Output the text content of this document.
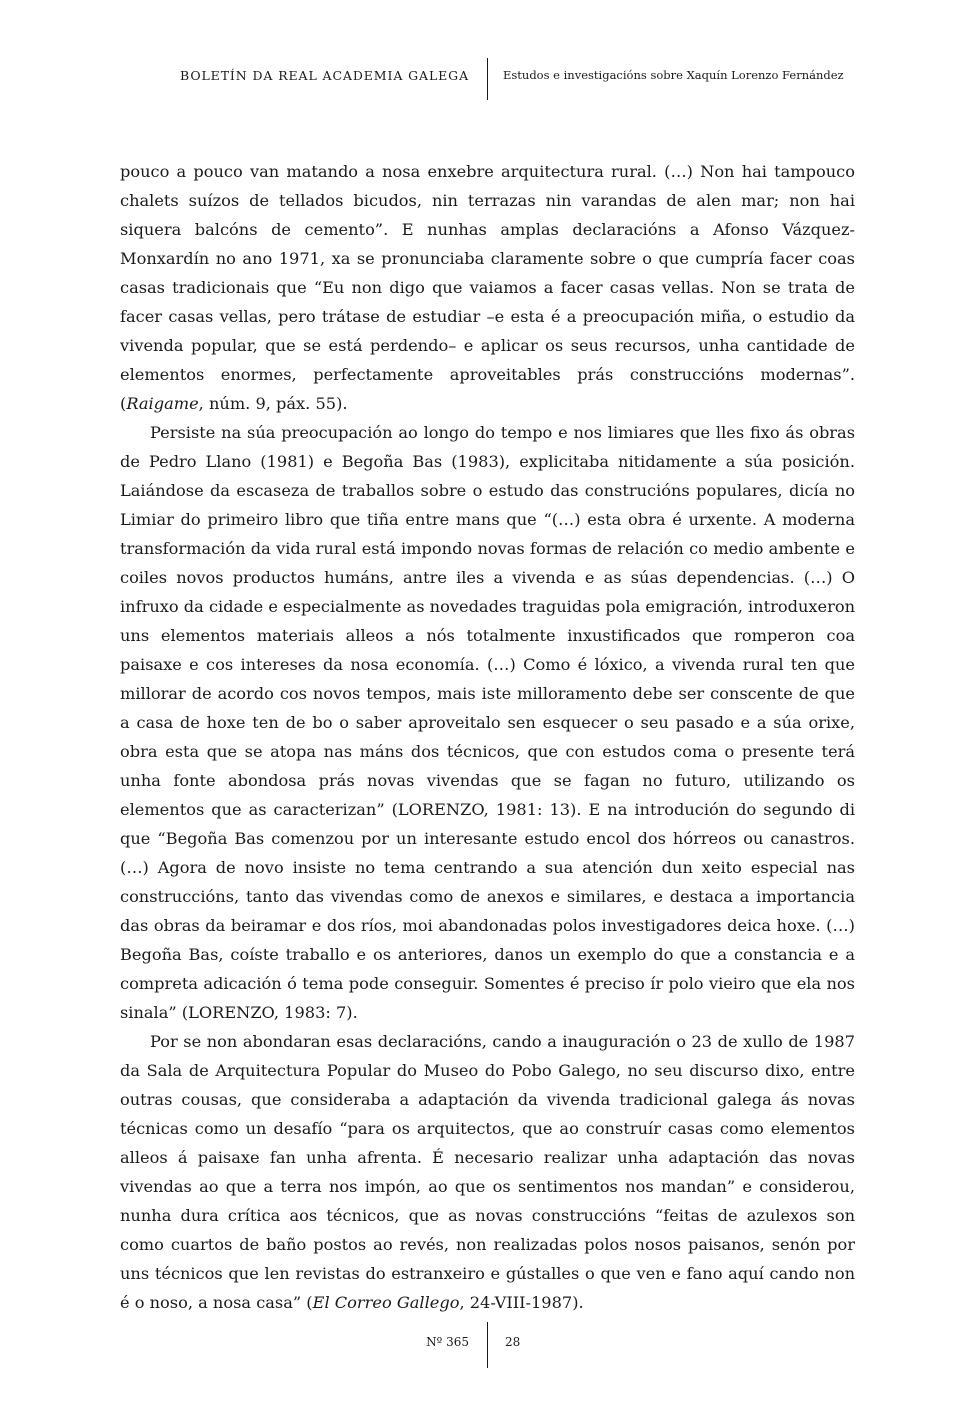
BOLETÍN DA REAL ACADEMIA GALEGA	Estudos e investigacións sobre Xaquín Lorenzo Fernández

pouco a pouco van matando a nosa enxebre arquitectura rural. (…) Non hai tampouco chalets suízos de tellados bicudos, nin terrazas nin varandas de alen mar; non hai siquera balcóns de cemento”. E nunhas amplas declaracións a Afonso Vázquez-Monxardín no ano 1971, xa se pronunciaba claramente sobre o que cumpría facer coas casas tradicionais que “Eu non digo que vaiamos a facer casas vellas. Non se trata de facer casas vellas, pero trátase de estudiar –e esta é a preocupación miña, o estudio da vivenda popular, que se está perdendo– e aplicar os seus recursos, unha cantidade de elementos enormes, perfectamente aproveitables prás construccións modernas”. (Raigame, núm. 9, páx. 55).

Persiste na súa preocupación ao longo do tempo e nos limiares que lles fixo ás obras de Pedro Llano (1981) e Begoña Bas (1983), explicitaba nitidamente a súa posición. Laiándose da escaseza de traballos sobre o estudo das construcións populares, dicía no Limiar do primeiro libro que tiña entre mans que “(…) esta obra é urxente. A moderna transformación da vida rural está impondo novas formas de relación co medio ambente e coiles novos productos humáns, antre iles a vivenda e as súas dependencias. (…) O infruxo da cidade e especialmente as novedades traguidas pola emigración, introduxeron uns elementos materiais alleos a nós totalmente inxustificados que romperon coa paisaxe e cos intereses da nosa economía. (…) Como é lóxico, a vivenda rural ten que millorar de acordo cos novos tempos, mais iste milloramento debe ser conscente de que a casa de hoxe ten de bo o saber aproveitalo sen esquecer o seu pasado e a súa orixe, obra esta que se atopa nas máns dos técnicos, que con estudos coma o presente terá unha fonte abondosa prás novas vivendas que se fagan no futuro, utilizando os elementos que as caracterizan” (LORENZO, 1981: 13). E na introdución do segundo di que “Begoña Bas comenzou por un interesante estudo encol dos hórreos ou canastros. (…) Agora de novo insiste no tema centrando a sua atención dun xeito especial nas construccións, tanto das vivendas como de anexos e similares, e destaca a importancia das obras da beiramar e dos ríos, moi abandonadas polos investigadores deica hoxe. (…) Begoña Bas, coíste traballo e os anteriores, danos un exemplo do que a constancia e a compreta adicación ó tema pode conseguir. Somentes é preciso ír polo vieiro que ela nos sinala” (LORENZO, 1983: 7).

Por se non abondaran esas declaracións, cando a inauguración o 23 de xullo de 1987 da Sala de Arquitectura Popular do Museo do Pobo Galego, no seu discurso dixo, entre outras cousas, que consideraba a adaptación da vivenda tradicional galega ás novas técnicas como un desafío “para os arquitectos, que ao construír casas como elementos alleos á paisaxe fan unha afrenta. É necesario realizar unha adaptación das novas vivendas ao que a terra nos impón, ao que os sentimentos nos mandan” e considerou, nunha dura crítica aos técnicos, que as novas construccións “feitas de azulexos son como cuartos de baño postos ao revés, non realizadas polos nosos paisanos, senón por uns técnicos que len revistas do estranxeiro e gústalles o que ven e fano aquí cando non é o noso, a nosa casa” (El Correo Gallego, 24-VIII-1987).

Nº 365	28
